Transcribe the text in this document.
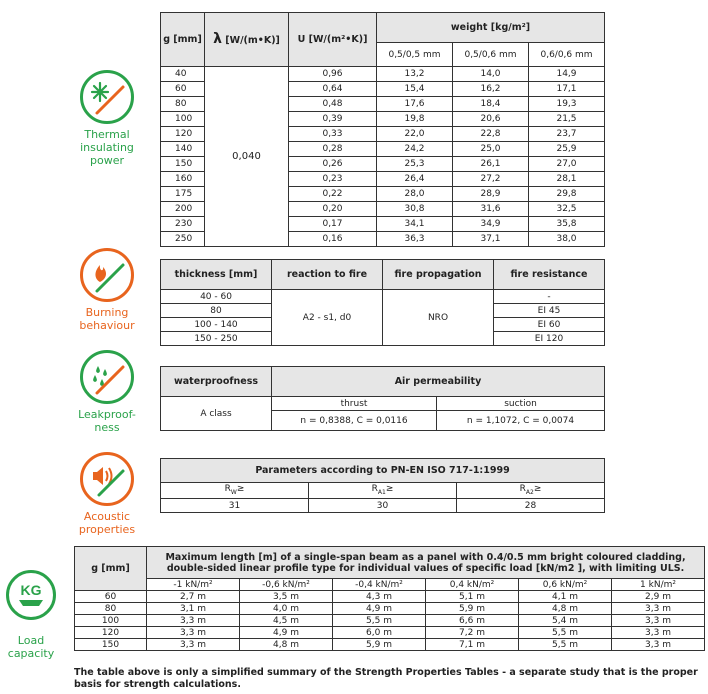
Thermal
insulating
power
g [mm]	λ [W/(m•K)]	U [W/(m²•K)]	weight [kg/m²]		
			0,5/0,5 mm	0,5/0,6 mm	0,6/0,6 mm
40	0,040	0,96	13,2	14,0	14,9
60		0,64	15,4	16,2	17,1
80		0,48	17,6	18,4	19,3
100		0,39	19,8	20,6	21,5
120		0,33	22,0	22,8	23,7
140		0,28	24,2	25,0	25,9
150		0,26	25,3	26,1	27,0
160		0,23	26,4	27,2	28,1
175		0,22	28,0	28,9	29,8
200		0,20	30,8	31,6	32,5
230		0,17	34,1	34,9	35,8
250		0,16	36,3	37,1	38,0
Burning
behaviour
thickness [mm]	reaction to fire	fire propagation	fire resistance
40 - 60	A2 - s1, d0	NRO	-
80			EI 45
100 - 140			EI 60
150 - 250			EI 120
Leakproof-
ness
waterproofness	Air permeability	
A class	thrust	suction
	n = 0,8388, C = 0,0116	n = 1,1072, C = 0,0074
Acoustic
properties
Parameters according to PN-EN ISO 717-1:1999		
$R_W\ge$	$R_{A1}\ge$	$R_{A2}\ge$
31	30	28
KG
Load
capacity
g [mm]	Maximum length [m] of a single-span beam as a panel with 0.4/0.5 mm bright coloured cladding, double-sided linear profile type for individual values of specific load [kN/m2 ], with limiting ULS.					
	-1 kN/m²	-0,6 kN/m²	-0,4 kN/m²	0,4 kN/m²	0,6 kN/m²	1 kN/m²
60	2,7 m	3,5 m	4,3 m	5,1 m	4,1 m	2,9 m
80	3,1 m	4,0 m	4,9 m	5,9 m	4,8 m	3,3 m
100	3,3 m	4,5 m	5,5 m	6,6 m	5,4 m	3,3 m
120	3,3 m	4,9 m	6,0 m	7,2 m	5,5 m	3,3 m
150	3,3 m	4,8 m	5,9 m	7,1 m	5,5 m	3,3 m
The table above is only a simplified summary of the Strength Properties Tables - a separate study that is the proper basis for strength calculations.
